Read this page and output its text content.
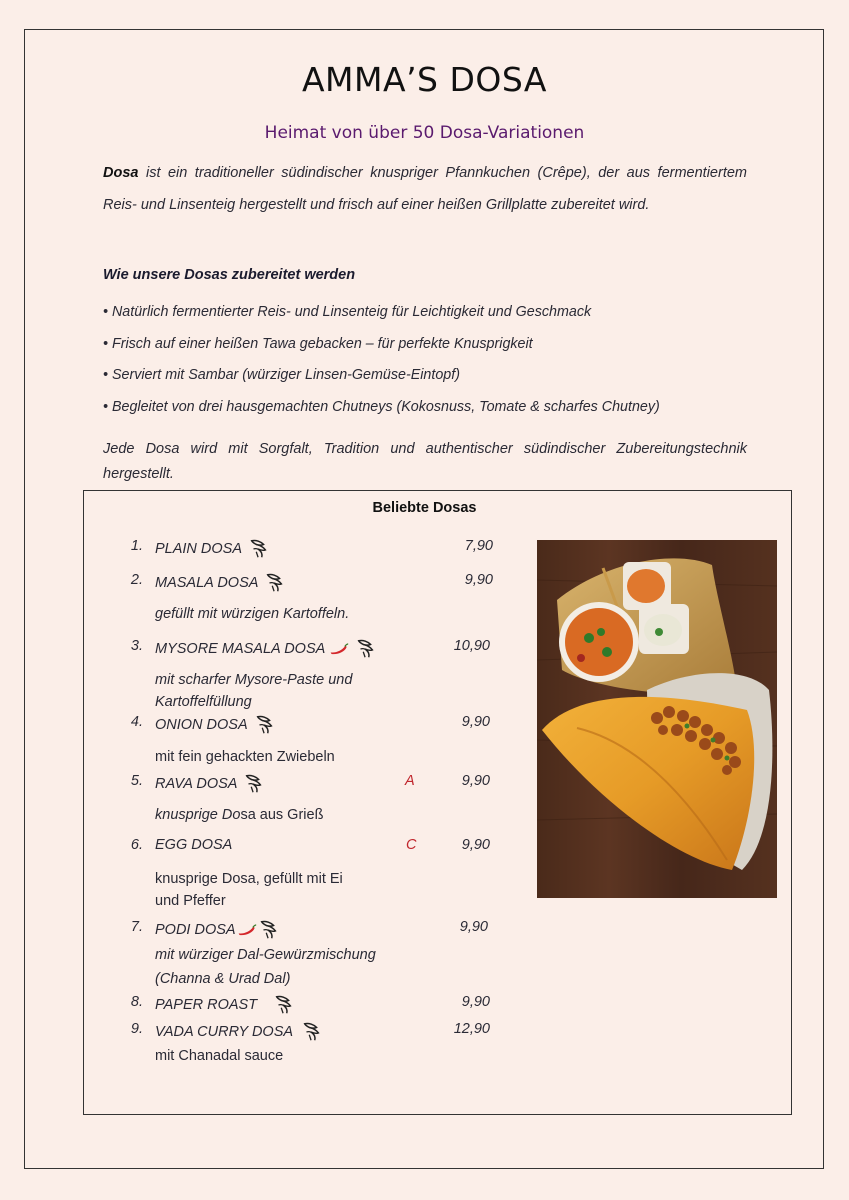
AMMA’S DOSA
Heimat von über 50 Dosa-Variationen
Dosa ist ein traditioneller südindischer knuspriger Pfannkuchen (Crêpe), der aus fermentiertem Reis- und Linsenteig hergestellt und frisch auf einer heißen Grillplatte zubereitet wird.
Wie unsere Dosas zubereitet werden
• Natürlich fermentierter Reis- und Linsenteig für Leichtigkeit und Geschmack
• Frisch auf einer heißen Tawa gebacken – für perfekte Knusprigkeit
• Serviert mit Sambar (würziger Linsen-Gemüse-Eintopf)
• Begleitet von drei hausgemachten Chutneys (Kokosnuss, Tomate & scharfes Chutney)
Jede Dosa wird mit Sorgfalt, Tradition und authentischer südindischer Zubereitungstechnik hergestellt.
Beliebte Dosas
1. PLAIN DOSA	7,90
2. MASALA DOSA	9,90
gefüllt mit würzigen Kartoffeln.
3. MYSORE MASALA DOSA	10,90
mit scharfer Mysore-Paste und Kartoffelfüllung
4. ONION DOSA	9,90
mit fein gehackten Zwiebeln
5. RAVA DOSA	A	9,90
knusprige Dosa aus Grieß
6. EGG DOSA	C	9,90
knusprige Dosa, gefüllt mit Ei und Pfeffer
7. PODI DOSA	9,90
mit würziger Dal-Gewürzmischung (Channa & Urad Dal)
8. PAPER ROAST	9,90
9. VADA CURRY DOSA	12,90
mit Chanadal sauce
